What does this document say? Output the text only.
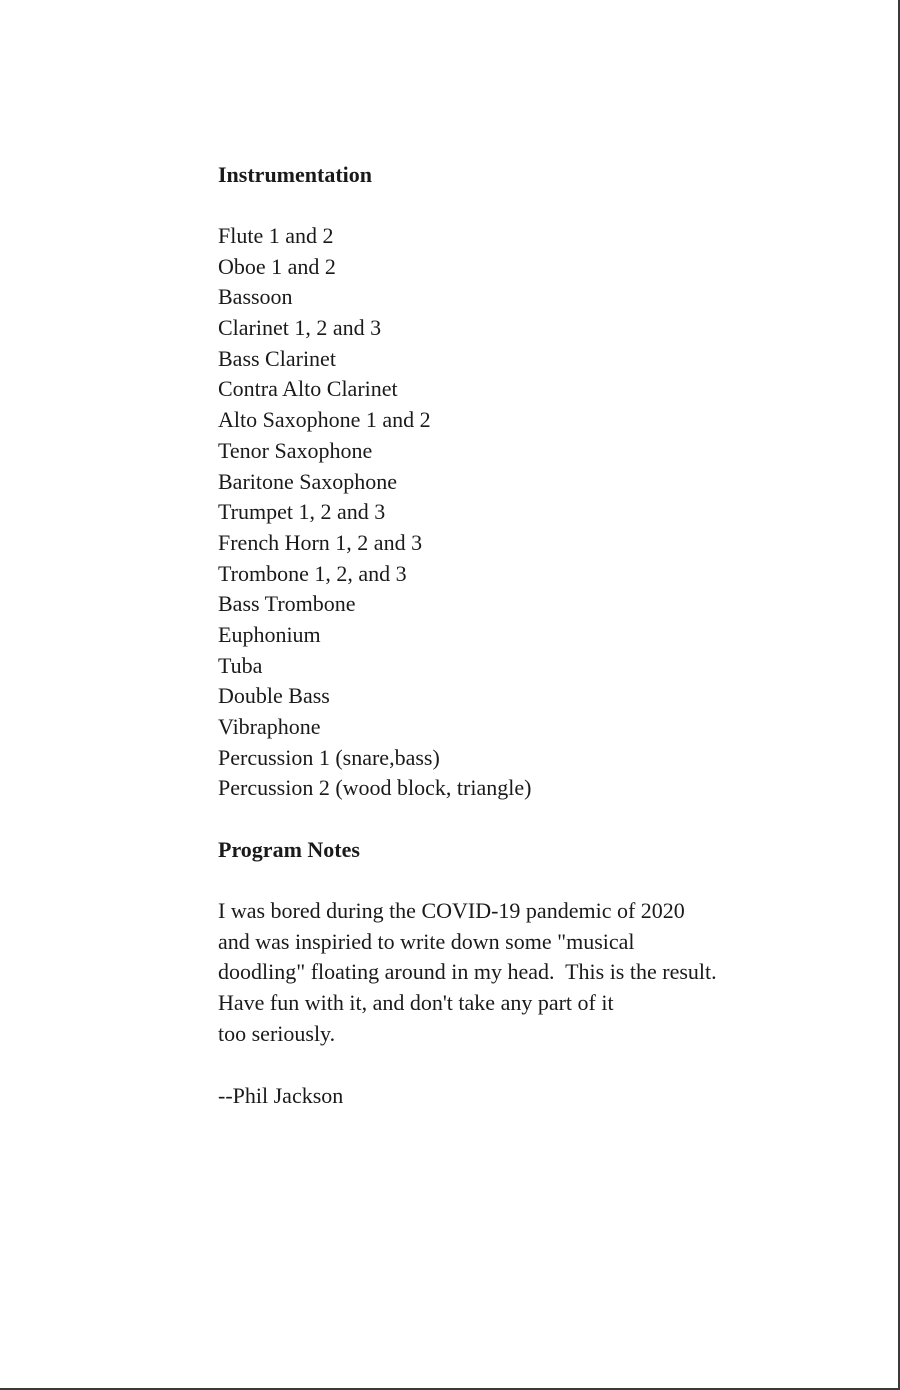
Instrumentation
Flute 1 and 2
Oboe 1 and 2
Bassoon
Clarinet 1, 2 and 3
Bass Clarinet
Contra Alto Clarinet
Alto Saxophone 1 and 2
Tenor Saxophone
Baritone Saxophone
Trumpet 1, 2 and 3
French Horn 1, 2 and 3
Trombone 1, 2, and 3
Bass Trombone
Euphonium
Tuba
Double Bass
Vibraphone
Percussion 1 (snare,bass)
Percussion 2 (wood block, triangle)
Program Notes
I was bored during the COVID-19 pandemic of 2020
and was inspiried to write down some "musical
doodling" floating around in my head.  This is the result.
Have fun with it, and don't take any part of it
too seriously.
--Phil Jackson
